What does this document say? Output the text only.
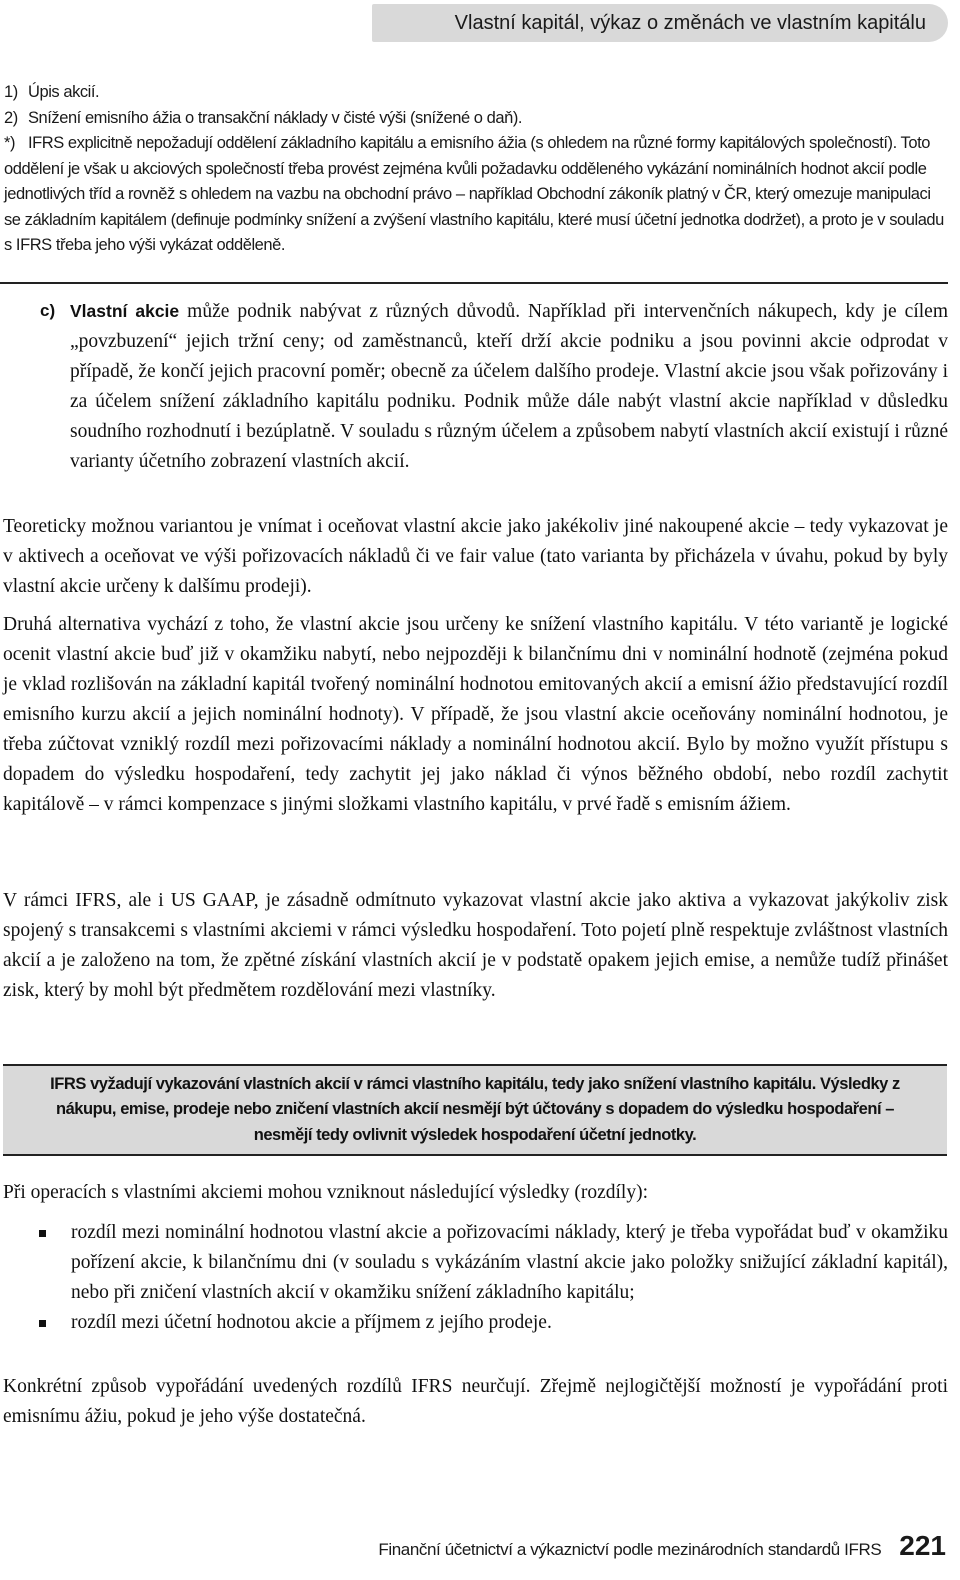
Vlastní kapitál, výkaz o změnách ve vlastním kapitálu
1) Úpis akcií.
2) Snížení emisního ážia o transakční náklady v čisté výši (snížené o daň).
*) IFRS explicitně nepožadují oddělení základního kapitálu a emisního ážia (s ohledem na různé formy kapitálových společností). Toto oddělení je však u akciových společností třeba provést zejména kvůli požadavku odděleného vykázání nominálních hodnot akcií podle jednotlivých tříd a rovněž s ohledem na vazbu na obchodní právo – například Obchodní zákoník platný v ČR, který omezuje manipulaci se základním kapitálem (definuje podmínky snížení a zvýšení vlastního kapitálu, které musí účetní jednotka dodržet), a proto je v souladu s IFRS třeba jeho výši vykázat odděleně.
c) Vlastní akcie může podnik nabývat z různých důvodů. Například při intervenčních nákupech, kdy je cílem „povzbuzení“ jejich tržní ceny; od zaměstnanců, kteří drží akcie podniku a jsou povinni akcie odprodat v případě, že končí jejich pracovní poměr; obecně za účelem dalšího prodeje. Vlastní akcie jsou však pořizovány i za účelem snížení základního kapitálu podniku. Podnik může dále nabýt vlastní akcie například v důsledku soudního rozhodnutí i bezúplatně. V souladu s různým účelem a způsobem nabytí vlastních akcií existují i různé varianty účetního zobrazení vlastních akcií.

Teoreticky možnou variantou je vnímat i oceňovat vlastní akcie jako jakékoliv jiné nakoupené akcie – tedy vykazovat je v aktivech a oceňovat ve výši pořizovacích nákladů či ve fair value (tato varianta by přicházela v úvahu, pokud by byly vlastní akcie určeny k dalšímu prodeji).

Druhá alternativa vychází z toho, že vlastní akcie jsou určeny ke snížení vlastního kapitálu. V této variantě je logické ocenit vlastní akcie buď již v okamžiku nabytí, nebo nejpozději k bilančnímu dni v nominální hodnotě (zejména pokud je vklad rozlišován na základní kapitál tvořený nominální hodnotou emitovaných akcií a emisní ážio představující rozdíl emisního kurzu akcií a jejich nominální hodnoty). V případě, že jsou vlastní akcie oceňovány nominální hodnotou, je třeba zúčtovat vzniklý rozdíl mezi pořizovacími náklady a nominální hodnotou akcií. Bylo by možno využít přístupu s dopadem do výsledku hospodaření, tedy zachytit jej jako náklad či výnos běžného období, nebo rozdíl zachytit kapitálově – v rámci kompenzace s jinými složkami vlastního kapitálu, v prvé řadě s emisním ážiem.

V rámci IFRS, ale i US GAAP, je zásadně odmítnuto vykazovat vlastní akcie jako aktiva a vykazovat jakýkoliv zisk spojený s transakcemi s vlastními akciemi v rámci výsledku hospodaření. Toto pojetí plně respektuje zvláštnost vlastních akcií a je založeno na tom, že zpětné získání vlastních akcií je v podstatě opakem jejich emise, a nemůže tudíž přinášet zisk, který by mohl být předmětem rozdělování mezi vlastníky.

IFRS vyžadují vykazování vlastních akcií v rámci vlastního kapitálu, tedy jako snížení vlastního kapitálu. Výsledky z nákupu, emise, prodeje nebo zničení vlastních akcií nesmějí být účtovány s dopadem do výsledku hospodaření – nesmějí tedy ovlivnit výsledek hospodaření účetní jednotky.

Při operacích s vlastními akciemi mohou vzniknout následující výsledky (rozdíly):

rozdíl mezi nominální hodnotou vlastní akcie a pořizovacími náklady, který je třeba vypořádat buď v okamžiku pořízení akcie, k bilančnímu dni (v souladu s vykázáním vlastní akcie jako položky snižující základní kapitál), nebo při zničení vlastních akcií v okamžiku snížení základního kapitálu;
rozdíl mezi účetní hodnotou akcie a příjmem z jejího prodeje.

Konkrétní způsob vypořádání uvedených rozdílů IFRS neurčují. Zřejmě nejlogičtější možností je vypořádání proti emisnímu ážiu, pokud je jeho výše dostatečná.

Finanční účetnictví a výkaznictví podle mezinárodních standardů IFRS 221
